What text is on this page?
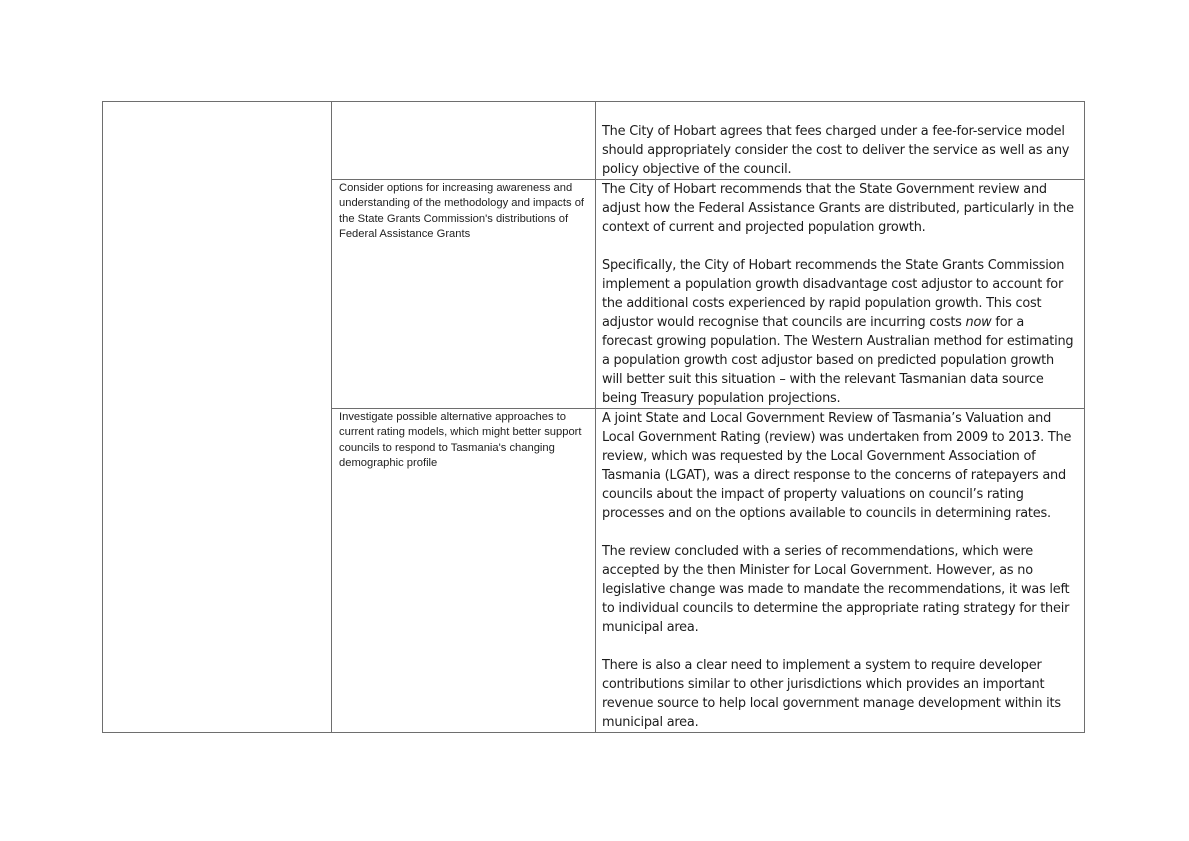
		The City of Hobart agrees that fees charged under a fee-for-service model should appropriately consider the cost to deliver the service as well as any policy objective of the council.

	Consider options for increasing awareness and understanding of the methodology and impacts of the State Grants Commission's distributions of Federal Assistance Grants	The City of Hobart recommends that the State Government review and adjust how the Federal Assistance Grants are distributed, particularly in the context of current and projected population growth.

Specifically, the City of Hobart recommends the State Grants Commission implement a population growth disadvantage cost adjustor to account for the additional costs experienced by rapid population growth. This cost adjustor would recognise that councils are incurring costs now for a forecast growing population. The Western Australian method for estimating a population growth cost adjustor based on predicted population growth will better suit this situation – with the relevant Tasmanian data source being Treasury population projections.

	Investigate possible alternative approaches to current rating models, which might better support councils to respond to Tasmania's changing demographic profile	A joint State and Local Government Review of Tasmania’s Valuation and Local Government Rating (review) was undertaken from 2009 to 2013. The review, which was requested by the Local Government Association of Tasmania (LGAT), was a direct response to the concerns of ratepayers and councils about the impact of property valuations on council’s rating processes and on the options available to councils in determining rates.

The review concluded with a series of recommendations, which were accepted by the then Minister for Local Government. However, as no legislative change was made to mandate the recommendations, it was left to individual councils to determine the appropriate rating strategy for their municipal area.

There is also a clear need to implement a system to require developer contributions similar to other jurisdictions which provides an important revenue source to help local government manage development within its municipal area.
